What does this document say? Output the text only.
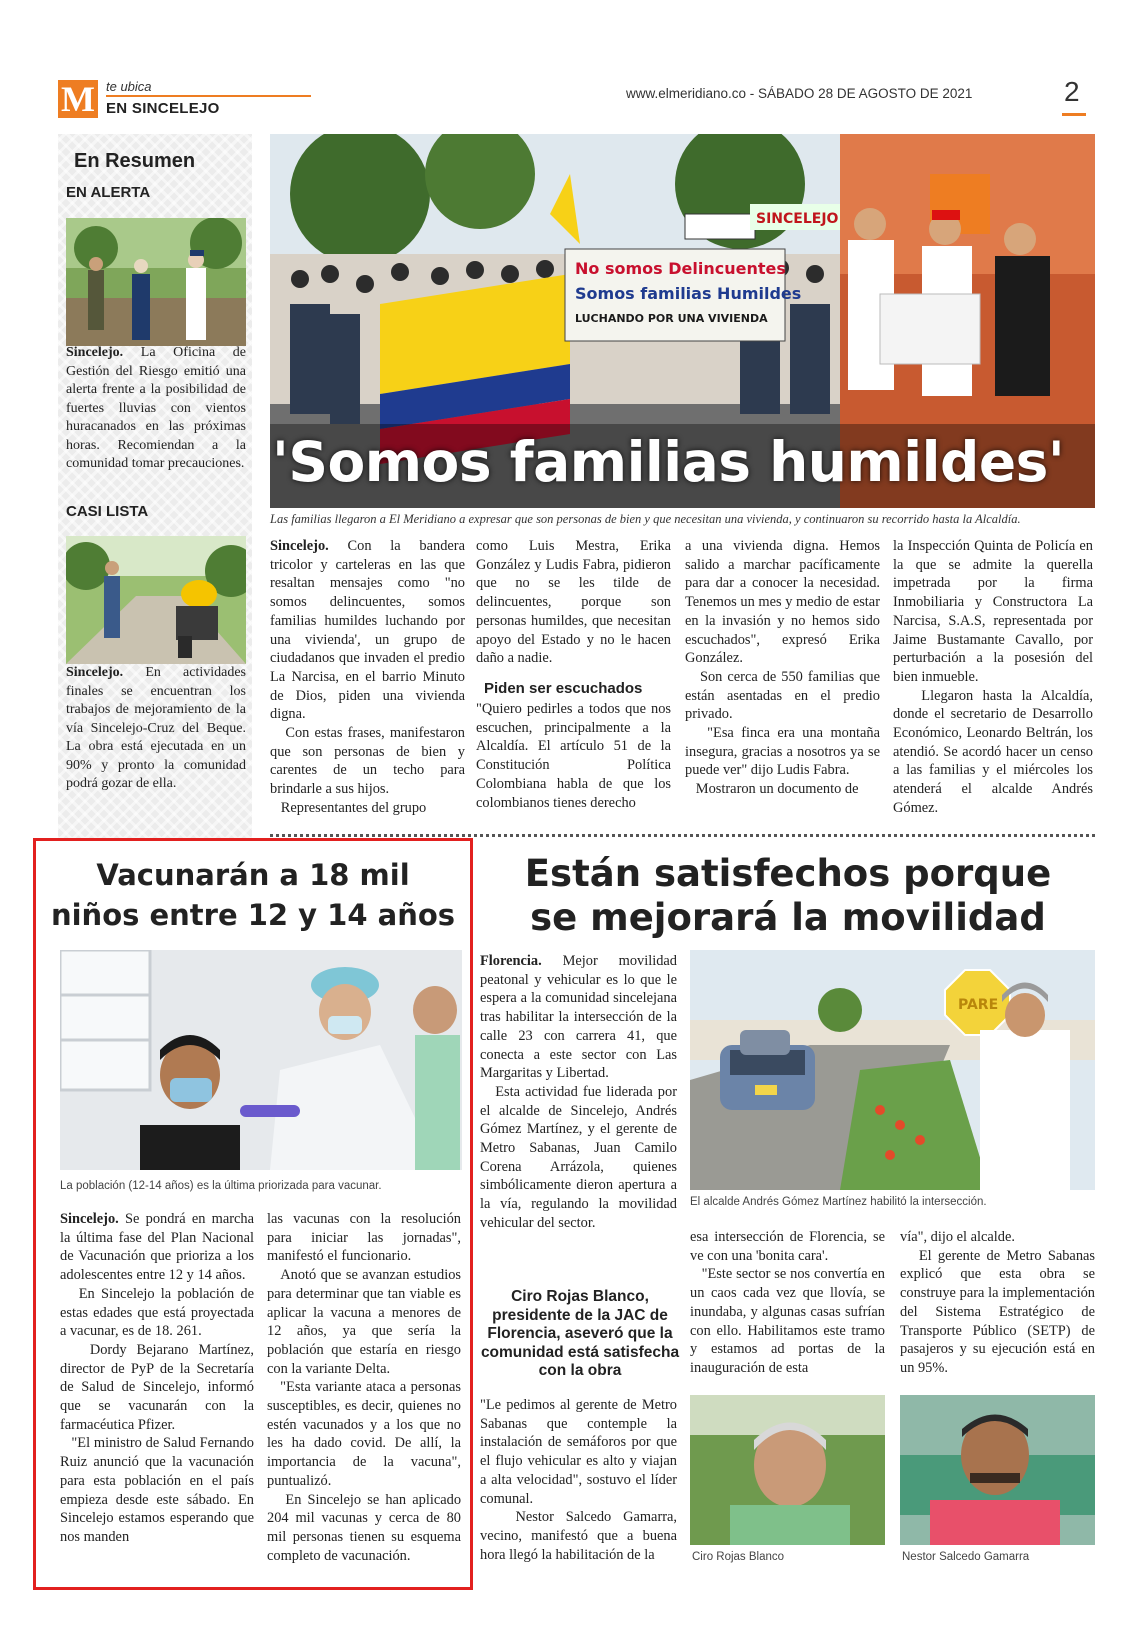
M te ubica
EN SINCELEJO
www.elmeridiano.co - SÁBADO 28 DE AGOSTO DE 2021	2
En Resumen
EN ALERTA
Sincelejo. La Oficina de Gestión del Riesgo emitió una alerta frente a la posibilidad de fuertes lluvias con vientos huracanados en las próximas horas. Recomiendan a la comunidad tomar precauciones.
CASI LISTA
Sincelejo. En actividades finales se encuentran los trabajos de mejoramiento de la vía Sincelejo-Cruz del Beque. La obra está ejecutada en un 90% y pronto la comunidad podrá gozar de ella.
SINCELEJO
No somos Delincuentes
Somos familias Humildes
LUCHANDO POR UNA VIVIENDA
'Somos familias humildes'
Las familias llegaron a El Meridiano a expresar que son personas de bien y que necesitan una vivienda, y continuaron su recorrido hasta la Alcaldía.
Sincelejo. Con la bandera tricolor y carteleras en las que resaltan mensajes como "no somos delincuentes, somos familias humildes luchando por una vivienda', un grupo de ciudadanos que invaden el predio La Narcisa, en el barrio Minuto de Dios, piden una vivienda digna.
Con estas frases, manifestaron que son personas de bien y carentes de un techo para brindarle a sus hijos.
Representantes del grupo
como Luis Mestra, Erika González y Ludis Fabra, pidieron que no se les tilde de delincuentes, porque son personas humildes, que necesitan apoyo del Estado y no le hacen daño a nadie.
Piden ser escuchados
"Quiero pedirles a todos que nos escuchen, principalmente a la Alcaldía. El artículo 51 de la Constitución Política Colombiana habla de que los colombianos tienes derecho
a una vivienda digna. Hemos salido a marchar pacíficamente para dar a conocer la necesidad. Tenemos un mes y medio de estar en la invasión y no hemos sido escuchados", expresó Erika González.
Son cerca de 550 familias que están asentadas en el predio privado.
"Esa finca era una montaña insegura, gracias a nosotros ya se puede ver" dijo Ludis Fabra.
Mostraron un documento de
la Inspección Quinta de Policía en la que se admite la querella impetrada por la firma Inmobiliaria y Constructora La Narcisa, S.A.S, representada por Jaime Bustamante Cavallo, por perturbación a la posesión del bien inmueble.
Llegaron hasta la Alcaldía, donde el secretario de Desarrollo Económico, Leonardo Beltrán, los atendió. Se acordó hacer un censo a las familias y el miércoles los atenderá el alcalde Andrés Gómez.
Vacunarán a 18 mil
niños entre 12 y 14 años
La población (12-14 años) es la última priorizada para vacunar.
Sincelejo. Se pondrá en marcha la última fase del Plan Nacional de Vacunación que prioriza a los adolescentes entre 12 y 14 años.
En Sincelejo la población de estas edades que está proyectada a vacunar, es de 18. 261.
Dordy Bejarano Martínez, director de PyP de la Secretaría de Salud de Sincelejo, informó que se vacunarán con la farmacéutica Pfizer.
"El ministro de Salud Fernando Ruiz anunció que la vacunación para esta población en el país empieza desde este sábado. En Sincelejo estamos esperando que nos manden
las vacunas con la resolución para iniciar las jornadas", manifestó el funcionario.
Anotó que se avanzan estudios para determinar que tan viable es aplicar la vacuna a menores de 12 años, ya que sería la población que estaría en riesgo con la variante Delta.
"Esta variante ataca a personas susceptibles, es decir, quienes no estén vacunados y a los que no les ha dado covid. De allí, la importancia de la vacuna", puntualizó.
En Sincelejo se han aplicado 204 mil vacunas y cerca de 80 mil personas tienen su esquema completo de vacunación.
Están satisfechos porque
se mejorará la movilidad
Florencia. Mejor movilidad peatonal y vehicular es lo que le espera a la comunidad sincelejana tras habilitar la intersección de la calle 23 con carrera 41, que conecta a este sector con Las Margaritas y Libertad.
Esta actividad fue liderada por el alcalde de Sincelejo, Andrés Gómez Martínez, y el gerente de Metro Sabanas, Juan Camilo Corena Arrázola, quienes simbólicamente dieron apertura a la vía, regulando la movilidad vehicular del sector.
Ciro Rojas Blanco, presidente de la JAC de Florencia, aseveró que la comunidad está satisfecha con la obra
"Le pedimos al gerente de Metro Sabanas que contemple la instalación de semáforos por que el flujo vehicular es alto y viajan a alta velocidad", sostuvo el líder comunal.
Nestor Salcedo Gamarra, vecino, manifestó que a buena hora llegó la habilitación de la
PARE
El alcalde Andrés Gómez Martínez habilitó la intersección.
esa intersección de Florencia, se ve con una 'bonita cara'.
"Este sector se nos convertía en un caos cada vez que llovía, se inundaba, y algunas casas sufrían con ello. Habilitamos este tramo y estamos ad portas de la inauguración de esta
vía", dijo el alcalde.
El gerente de Metro Sabanas explicó que esta obra se construye para la implementación del Sistema Estratégico de Transporte Público (SETP) de pasajeros y su ejecución está en un 95%.
Ciro Rojas Blanco	Nestor Salcedo Gamarra
